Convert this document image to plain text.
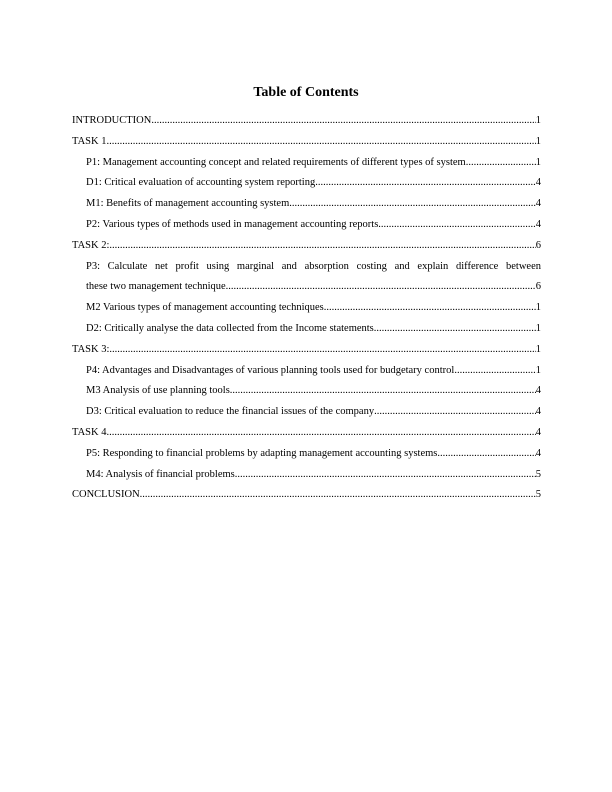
Table of Contents
INTRODUCTION .....	1
TASK 1 .....	1
P1: Management accounting concept and related requirements of different types of system .....	1
D1: Critical evaluation of accounting system reporting .....	4
M1: Benefits of management accounting system .....	4
P2: Various types of methods used in management accounting reports .....	4
TASK 2: .....	6
P3: Calculate net profit using marginal and absorption costing and explain difference between
these two management technique .....	6
M2 Various types of management accounting techniques .....	1
D2: Critically analyse the data collected from the Income statements .....	1
TASK 3: .....	1
P4: Advantages and Disadvantages of various planning tools used for budgetary control .....	1
M3 Analysis of use planning tools .....	4
D3: Critical evaluation to reduce the financial issues of the company .....	4
TASK 4 .....	4
P5: Responding to financial problems by adapting management accounting systems .....	4
M4: Analysis of financial problems .....	5
CONCLUSION .....	5
